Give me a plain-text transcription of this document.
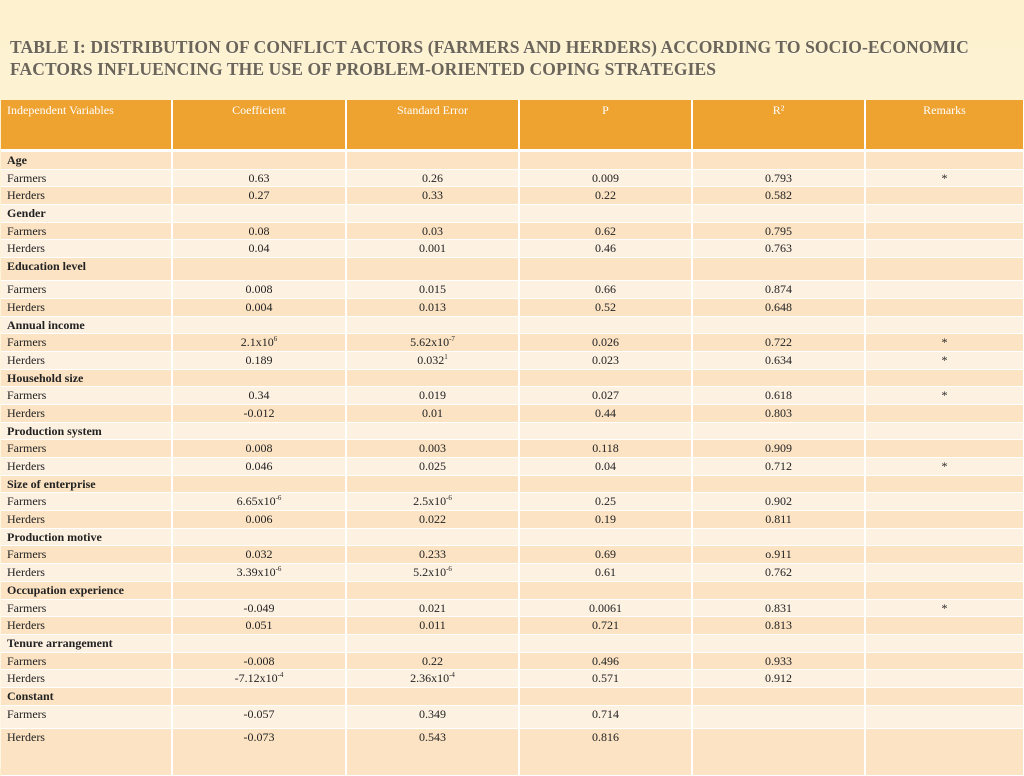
TABLE I: DISTRIBUTION OF CONFLICT ACTORS (FARMERS AND HERDERS) ACCORDING TO SOCIO-ECONOMIC
FACTORS INFLUENCING THE USE OF PROBLEM-ORIENTED COPING STRATEGIES
Independent Variables	Coefficient	Standard Error	P	R²	Remarks
Age					
Farmers	0.63	0.26	0.009	0.793	*
Herders	0.27	0.33	0.22	0.582	
Gender					
Farmers	0.08	0.03	0.62	0.795	
Herders	0.04	0.001	0.46	0.763	
Education level					
Farmers	0.008	0.015	0.66	0.874	
Herders	0.004	0.013	0.52	0.648	
Annual income					
Farmers	$2.1x10^6$	$5.62x10^{-7}$	0.026	0.722	*
Herders	0.189	0.032$^1$	0.023	0.634	*
Household size					
Farmers	0.34	0.019	0.027	0.618	*
Herders	-0.012	0.01	0.44	0.803	
Production system					
Farmers	0.008	0.003	0.118	0.909	
Herders	0.046	0.025	0.04	0.712	*
Size of enterprise					
Farmers	$6.65x10^{-6}$	$2.5x10^{-6}$	0.25	0.902	
Herders	0.006	0.022	0.19	0.811	
Production motive					
Farmers	0.032	0.233	0.69	o.911	
Herders	$3.39x10^{-6}$	$5.2x10^{-6}$	0.61	0.762	
Occupation experience					
Farmers	-0.049	0.021	0.0061	0.831	*
Herders	0.051	0.011	0.721	0.813	
Tenure arrangement					
Farmers	-0.008	0.22	0.496	0.933	
Herders	$-7.12x10^{-4}$	$2.36x10^{-4}$	0.571	0.912	
Constant					
Farmers	-0.057	0.349	0.714		
Herders	-0.073	0.543	0.816		
